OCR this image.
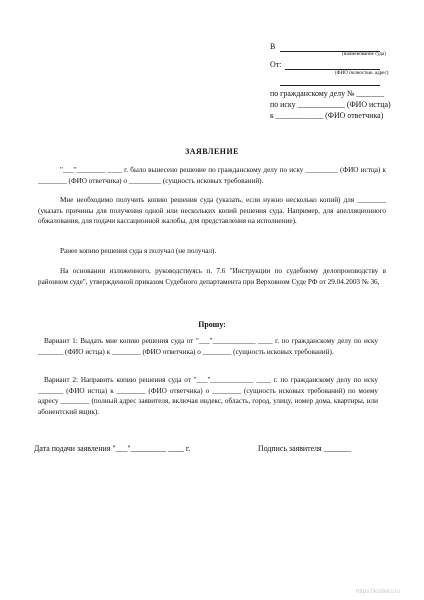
В
(наименование суда)
От:
(ФИО полностью. адрес)
по гражданскому делу № _______
по иску ____________ (ФИО истца)
к ____________ (ФИО ответчика)
ЗАЯВЛЕНИЕ
"___"________ ____ г. было вынесено решение по гражданскому делу по иску _________ (ФИО истца) к ________ (ФИО ответчика) о _________ (сущность исковых требований).
Мне необходимо получить копию решения суда (указать, если нужно несколько копий) для ________ (указать причины для получения одной или нескольких копий решения суда. Например, для апелляционного обжалования, для подачи кассационной жалобы, для представления на исполнение).
Ранее копию решения суда я получал (не получал).
На основании изложенного, руководствуясь п. 7.6 "Инструкции по судебному делопроизводству в районном суде", утвержденной приказом Судебного департамента при Верховном Суде РФ от 29.04.2003 № 36,
Прошу:
Вариант 1: Выдать мне копию решения суда от "___"____________ ____ г. по гражданскому делу по иску _______ (ФИО истца) к ________ (ФИО ответчика) о ________ (сущность исковых требований).
Вариант 2: Направить копию решения суда от "___"____________ ____ г. по гражданскому делу по иску _______ (ФИО истца) к ________ (ФИО ответчика) о ________ (сущность исковых требований) по моему адресу ________ (полный адрес заявителя, включая индекс, область, город, улицу, номер дома, квартиры, или абонентский ящик).
Дата подачи заявления "___"_________ ____ г.	Подпись заявителя _______
https://kodeks.ru
